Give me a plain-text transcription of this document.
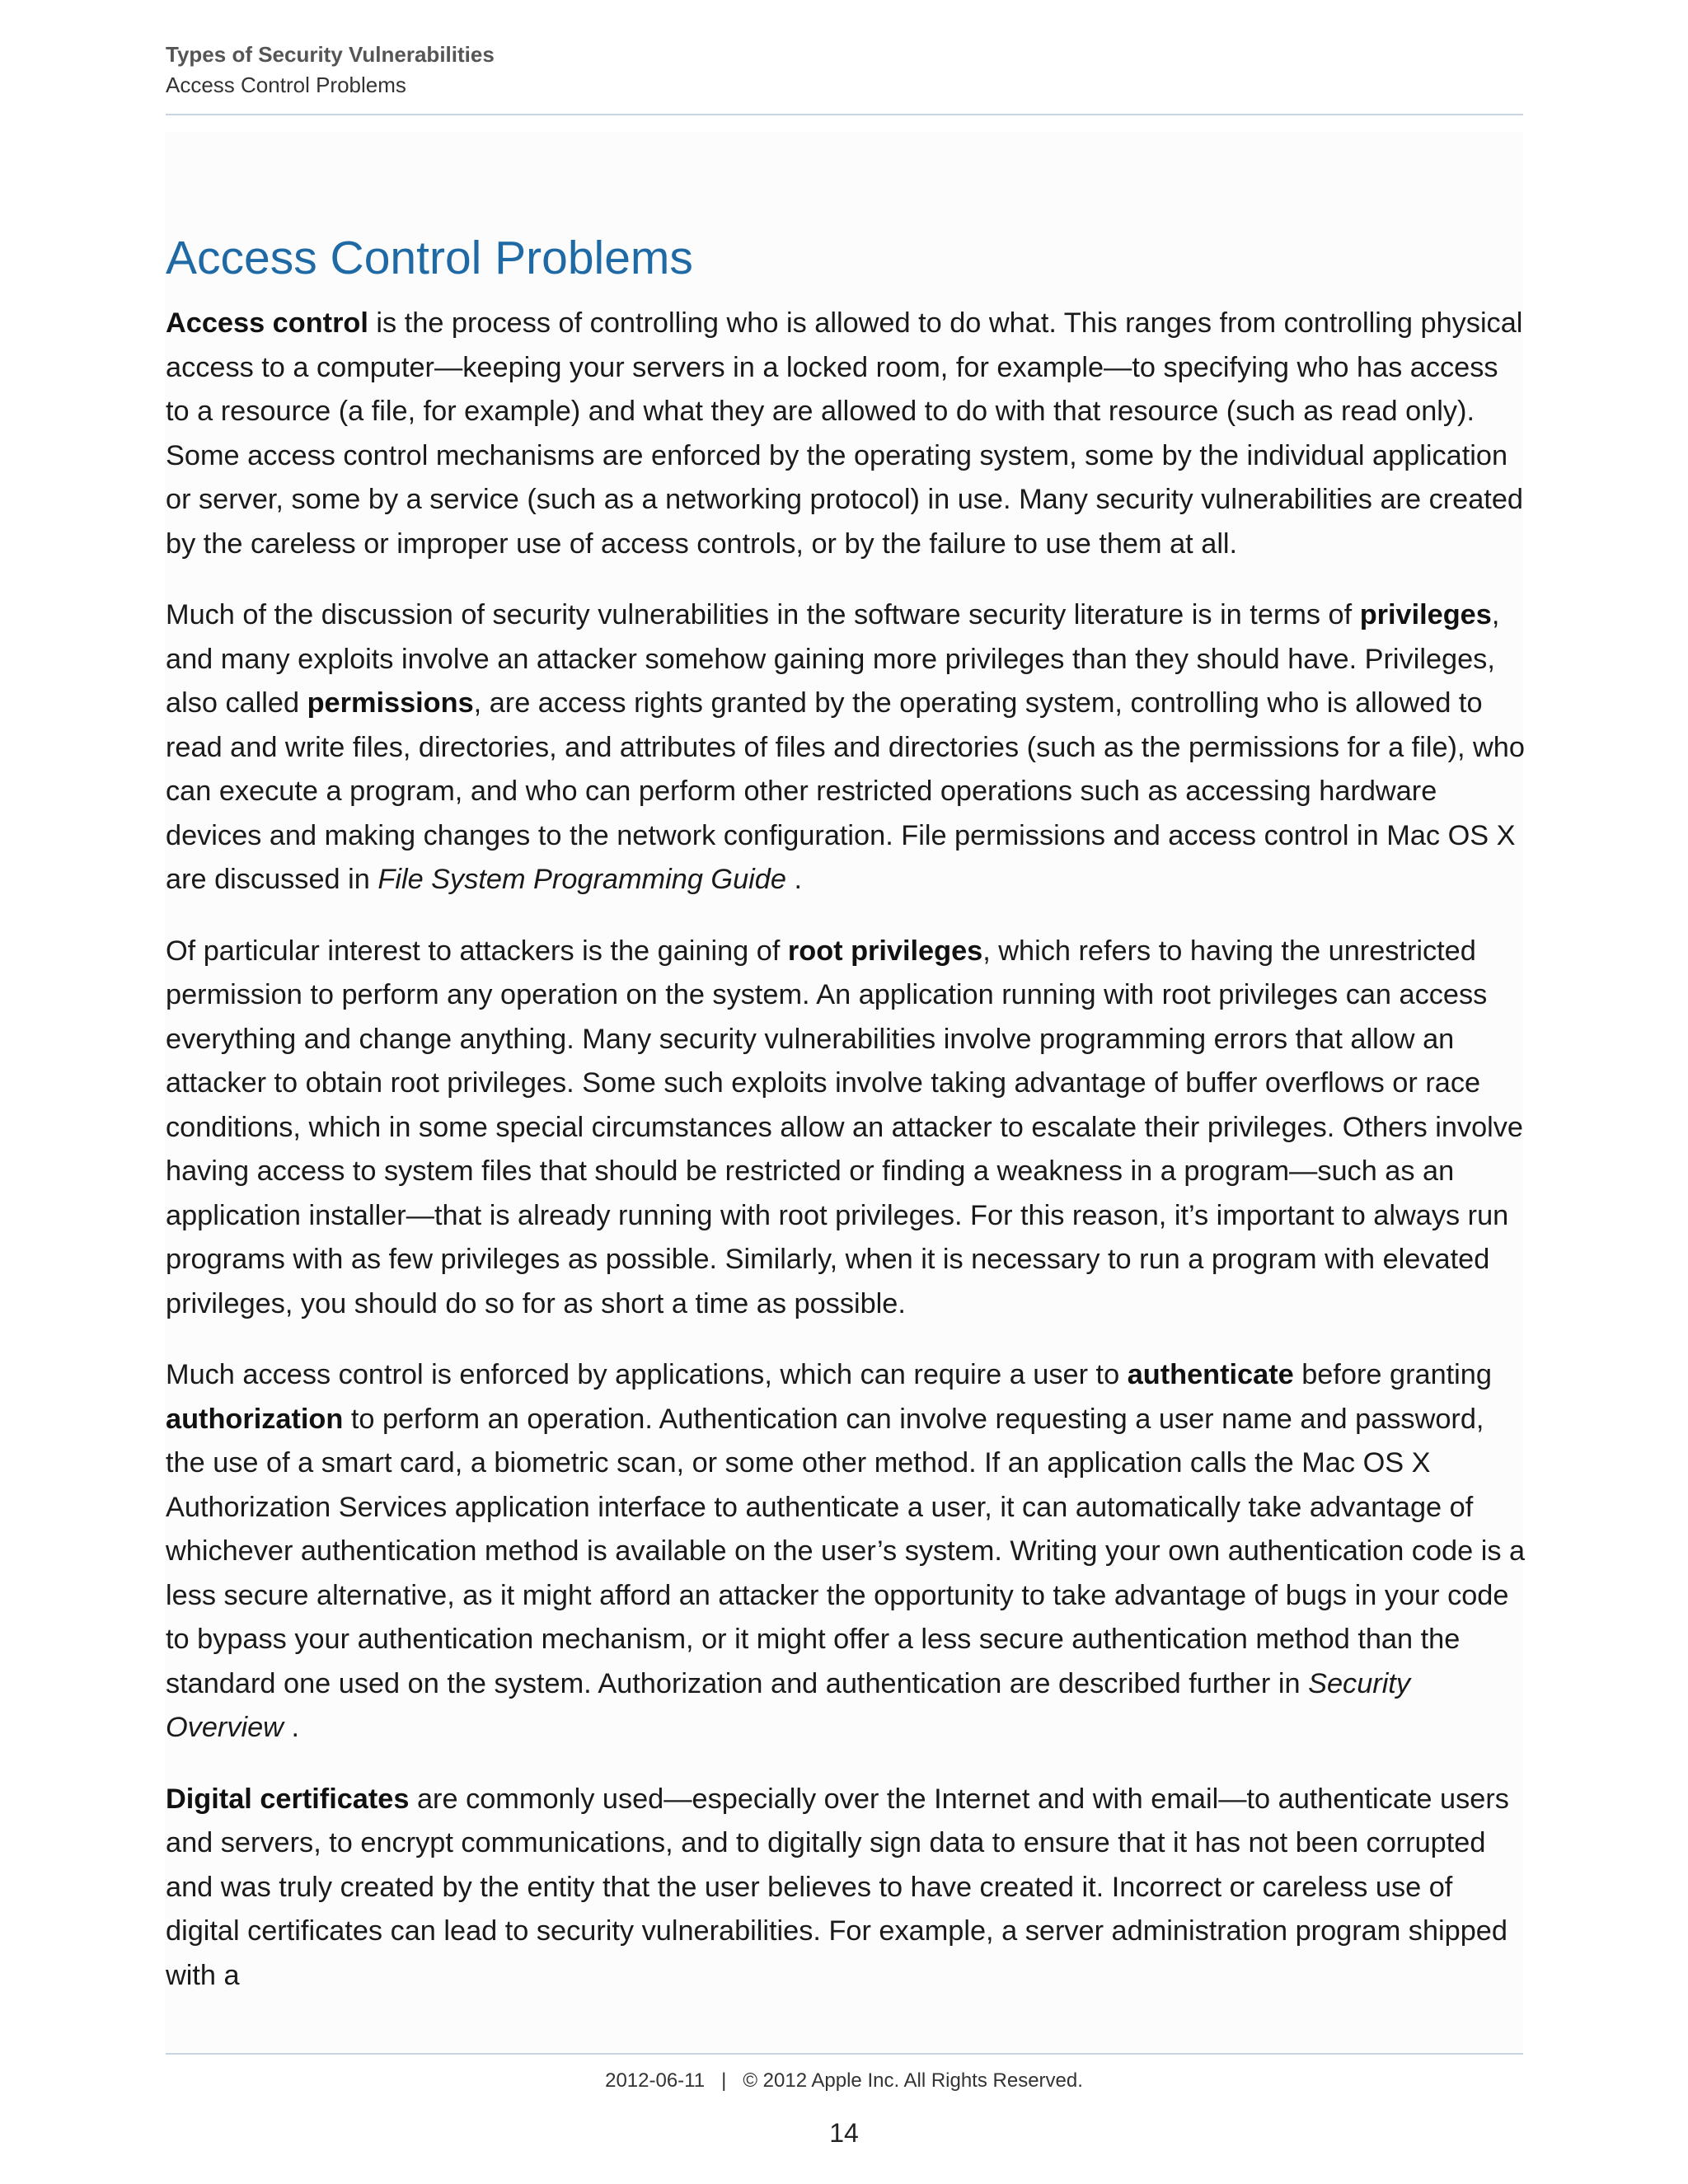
Types of Security Vulnerabilities
Access Control Problems
Access Control Problems

Access control is the process of controlling who is allowed to do what. This ranges from controlling physical access to a computer—keeping your servers in a locked room, for example—to specifying who has access to a resource (a file, for example) and what they are allowed to do with that resource (such as read only). Some access control mechanisms are enforced by the operating system, some by the individual application or server, some by a service (such as a networking protocol) in use. Many security vulnerabilities are created by the careless or improper use of access controls, or by the failure to use them at all.

Much of the discussion of security vulnerabilities in the software security literature is in terms of privileges, and many exploits involve an attacker somehow gaining more privileges than they should have. Privileges, also called permissions, are access rights granted by the operating system, controlling who is allowed to read and write files, directories, and attributes of files and directories (such as the permissions for a file), who can execute a program, and who can perform other restricted operations such as accessing hardware devices and making changes to the network configuration. File permissions and access control in Mac OS X are discussed in File System Programming Guide .

Of particular interest to attackers is the gaining of root privileges, which refers to having the unrestricted permission to perform any operation on the system. An application running with root privileges can access everything and change anything. Many security vulnerabilities involve programming errors that allow an attacker to obtain root privileges. Some such exploits involve taking advantage of buffer overflows or race conditions, which in some special circumstances allow an attacker to escalate their privileges. Others involve having access to system files that should be restricted or finding a weakness in a program—such as an application installer—that is already running with root privileges. For this reason, it’s important to always run programs with as few privileges as possible. Similarly, when it is necessary to run a program with elevated privileges, you should do so for as short a time as possible.

Much access control is enforced by applications, which can require a user to authenticate before granting authorization to perform an operation. Authentication can involve requesting a user name and password, the use of a smart card, a biometric scan, or some other method. If an application calls the Mac OS X Authorization Services application interface to authenticate a user, it can automatically take advantage of whichever authentication method is available on the user’s system. Writing your own authentication code is a less secure alternative, as it might afford an attacker the opportunity to take advantage of bugs in your code to bypass your authentication mechanism, or it might offer a less secure authentication method than the standard one used on the system. Authorization and authentication are described further in Security Overview .

Digital certificates are commonly used—especially over the Internet and with email—to authenticate users and servers, to encrypt communications, and to digitally sign data to ensure that it has not been corrupted and was truly created by the entity that the user believes to have created it. Incorrect or careless use of digital certificates can lead to security vulnerabilities. For example, a server administration program shipped with a

2012-06-11 | © 2012 Apple Inc. All Rights Reserved.
14
